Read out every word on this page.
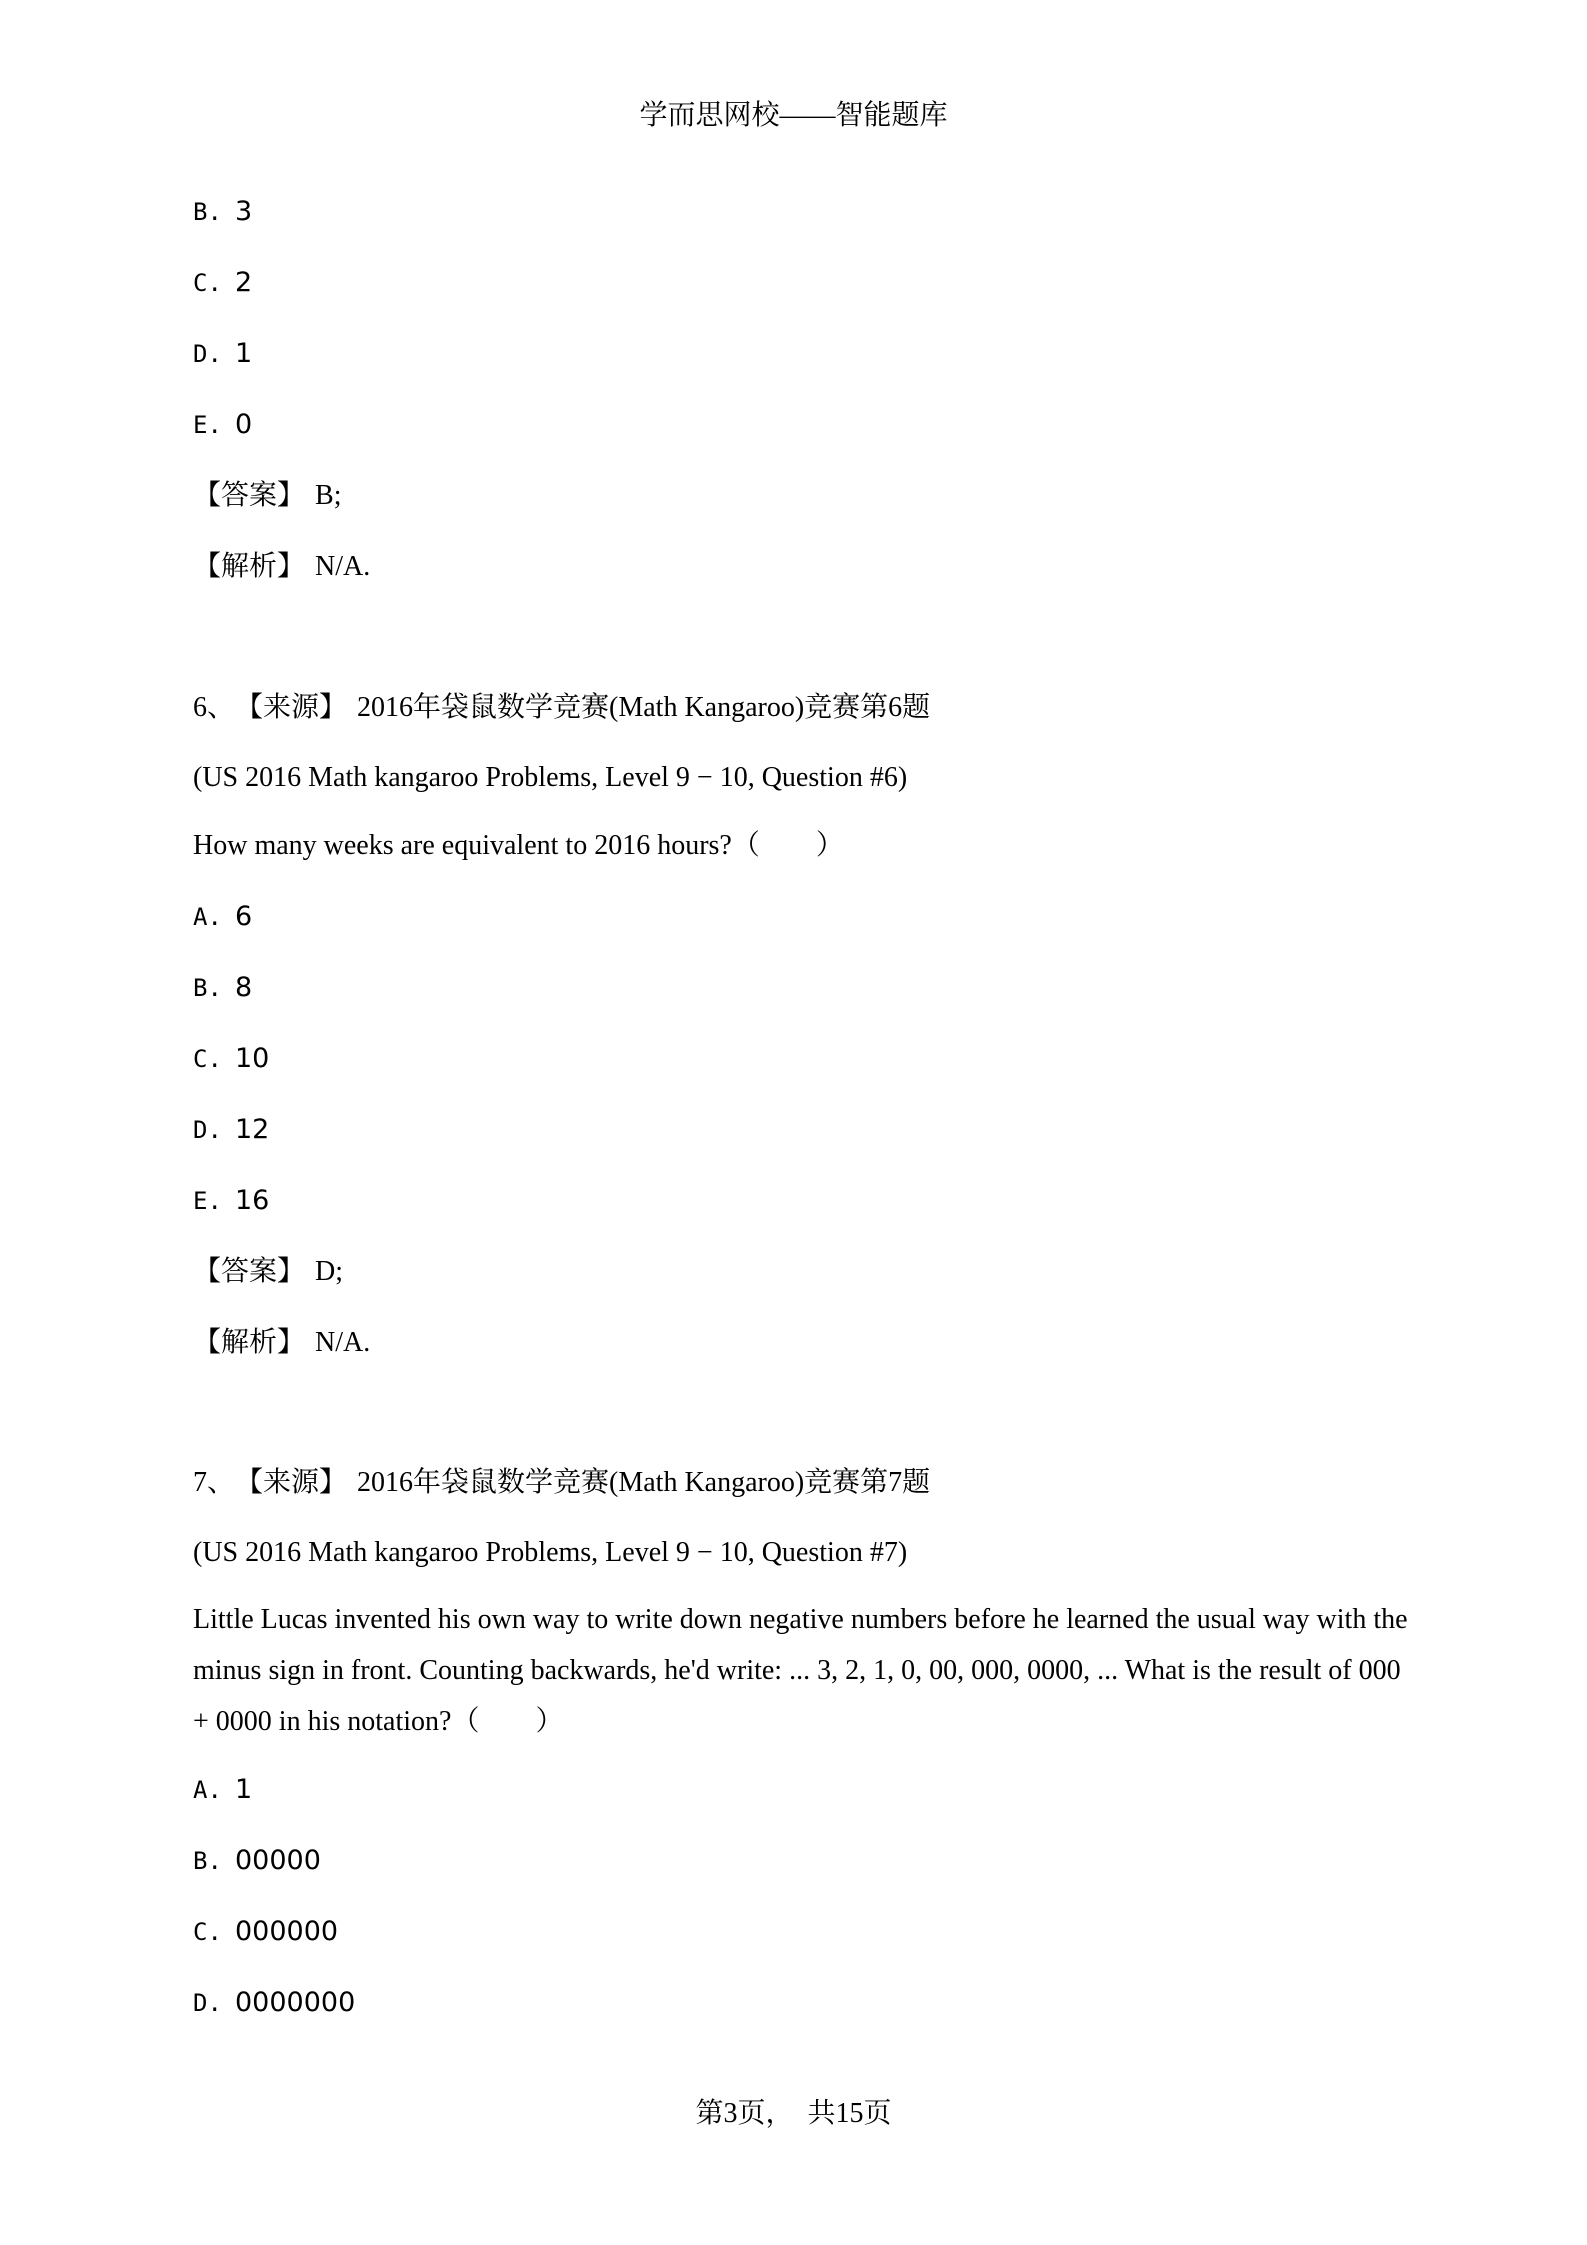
学而思网校——智能题库
B. 3
C. 2
D. 1
E. 0
【答案】 B;
【解析】 N/A.
6、【来源】 2016年袋鼠数学竞赛(Math Kangaroo)竞赛第6题
(US 2016 Math kangaroo Problems, Level 9 − 10, Question #6)
How many weeks are equivalent to 2016 hours?（　　）
A. 6
B. 8
C. 10
D. 12
E. 16
【答案】 D;
【解析】 N/A.
7、【来源】 2016年袋鼠数学竞赛(Math Kangaroo)竞赛第7题
(US 2016 Math kangaroo Problems, Level 9 − 10, Question #7)
Little Lucas invented his own way to write down negative numbers before he learned the usual way with the minus sign in front. Counting backwards, he'd write: ... 3, 2, 1, 0, 00, 000, 0000, ... What is the result of 000 + 0000 in his notation?（　　）
A. 1
B. 00000
C. 000000
D. 0000000
第3页，　共15页
